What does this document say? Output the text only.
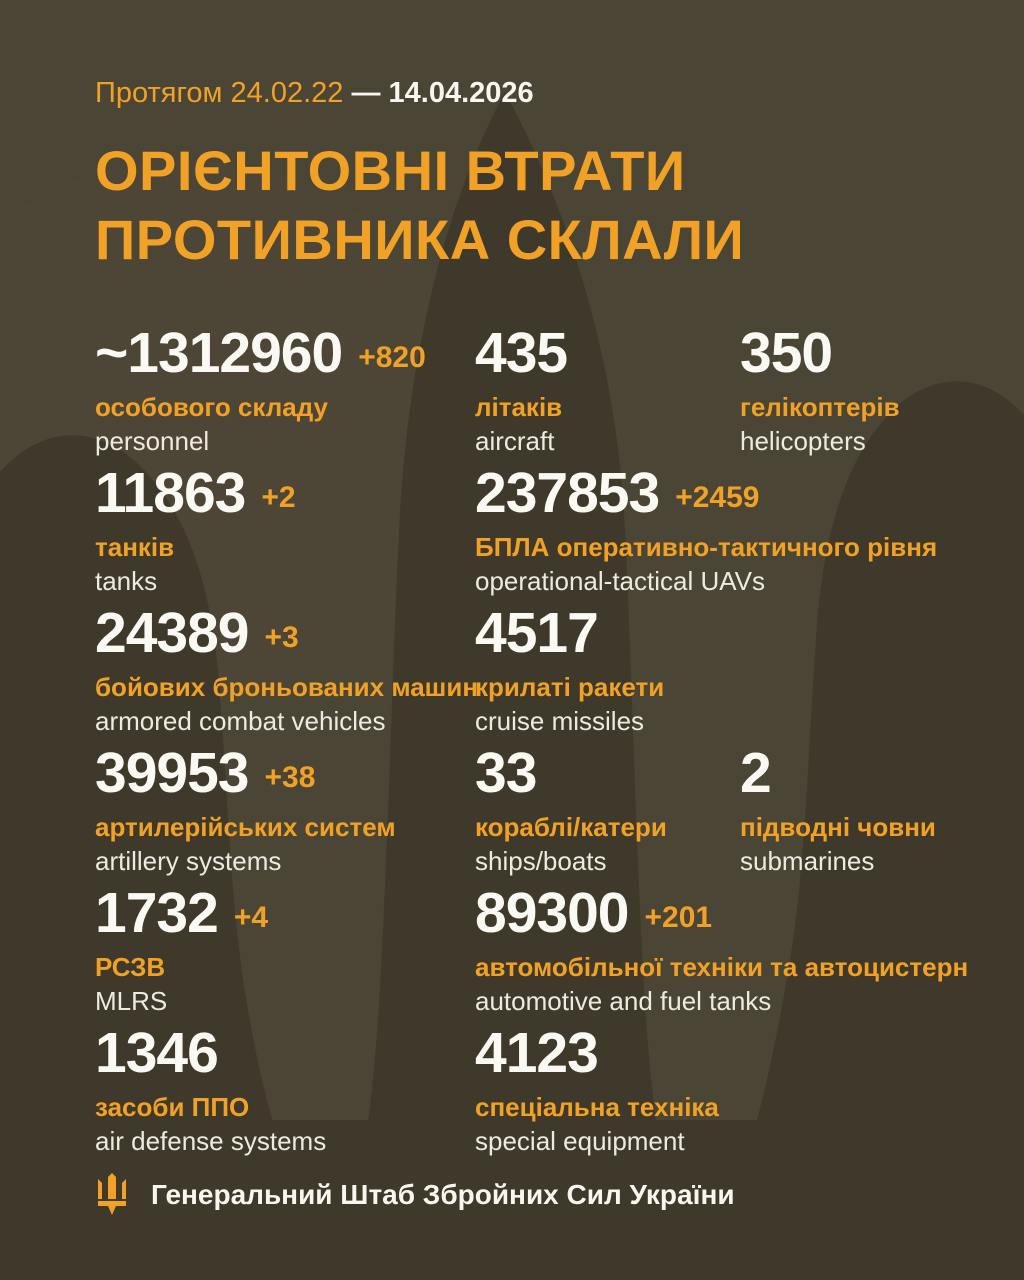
Протягом 24.02.22 — 14.04.2026
ОРІЄНТОВНІ ВТРАТИ
ПРОТИВНИКА СКЛАЛИ
~1312960 +820
особового складу
personnel
435
літаків
aircraft
350
гелікоптерів
helicopters
11863 +2
танків
tanks
237853 +2459
БПЛА оперативно-тактичного рівня
operational-tactical UAVs
24389 +3
бойових броньованих машин
armored combat vehicles
4517
крилаті ракети
cruise missiles
39953 +38
артилерійських систем
artillery systems
33
кораблі/катери
ships/boats
2
підводні човни
submarines
1732 +4
РСЗВ
MLRS
89300 +201
автомобільної техніки та автоцистерн
automotive and fuel tanks
1346
засоби ППО
air defense systems
4123
спеціальна техніка
special equipment
Генеральний Штаб Збройних Сил України
